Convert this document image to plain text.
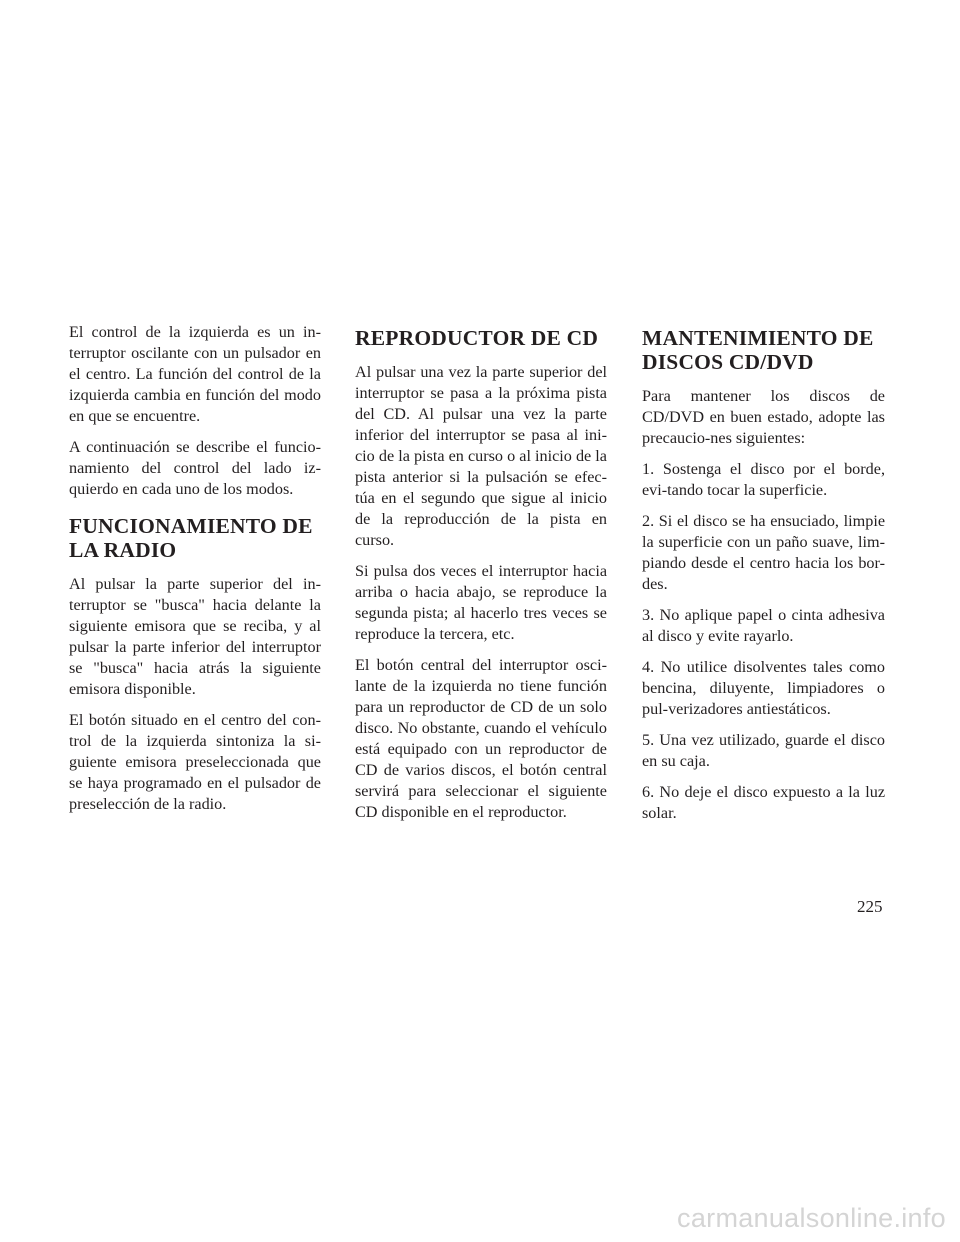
El control de la izquierda es un in-terruptor oscilante con un pulsador en el centro. La función del control de la izquierda cambia en función del modo en que se encuentre.

A continuación se describe el funcio-namiento del control del lado iz-quierdo en cada uno de los modos.

FUNCIONAMIENTO DE LA RADIO

Al pulsar la parte superior del in-terruptor se "busca" hacia delante la siguiente emisora que se reciba, y al pulsar la parte inferior del interruptor se "busca" hacia atrás la siguiente emisora disponible.

El botón situado en el centro del con-trol de la izquierda sintoniza la si-guiente emisora preseleccionada que se haya programado en el pulsador de preselección de la radio.

REPRODUCTOR DE CD

Al pulsar una vez la parte superior del interruptor se pasa a la próxima pista del CD. Al pulsar una vez la parte inferior del interruptor se pasa al ini-cio de la pista en curso o al inicio de la pista anterior si la pulsación se efec-túa en el segundo que sigue al inicio de la reproducción de la pista en curso.

Si pulsa dos veces el interruptor hacia arriba o hacia abajo, se reproduce la segunda pista; al hacerlo tres veces se reproduce la tercera, etc.

El botón central del interruptor osci-lante de la izquierda no tiene función para un reproductor de CD de un solo disco. No obstante, cuando el vehículo está equipado con un reproductor de CD de varios discos, el botón central servirá para seleccionar el siguiente CD disponible en el reproductor.

MANTENIMIENTO DE DISCOS CD/DVD

Para mantener los discos de CD/DVD en buen estado, adopte las precaucio-nes siguientes:

1. Sostenga el disco por el borde, evi-tando tocar la superficie.

2. Si el disco se ha ensuciado, limpie la superficie con un paño suave, lim-piando desde el centro hacia los bor-des.

3. No aplique papel o cinta adhesiva al disco y evite rayarlo.

4. No utilice disolventes tales como bencina, diluyente, limpiadores o pul-verizadores antiestáticos.

5. Una vez utilizado, guarde el disco en su caja.

6. No deje el disco expuesto a la luz solar.

225
carmanualsonline.info
